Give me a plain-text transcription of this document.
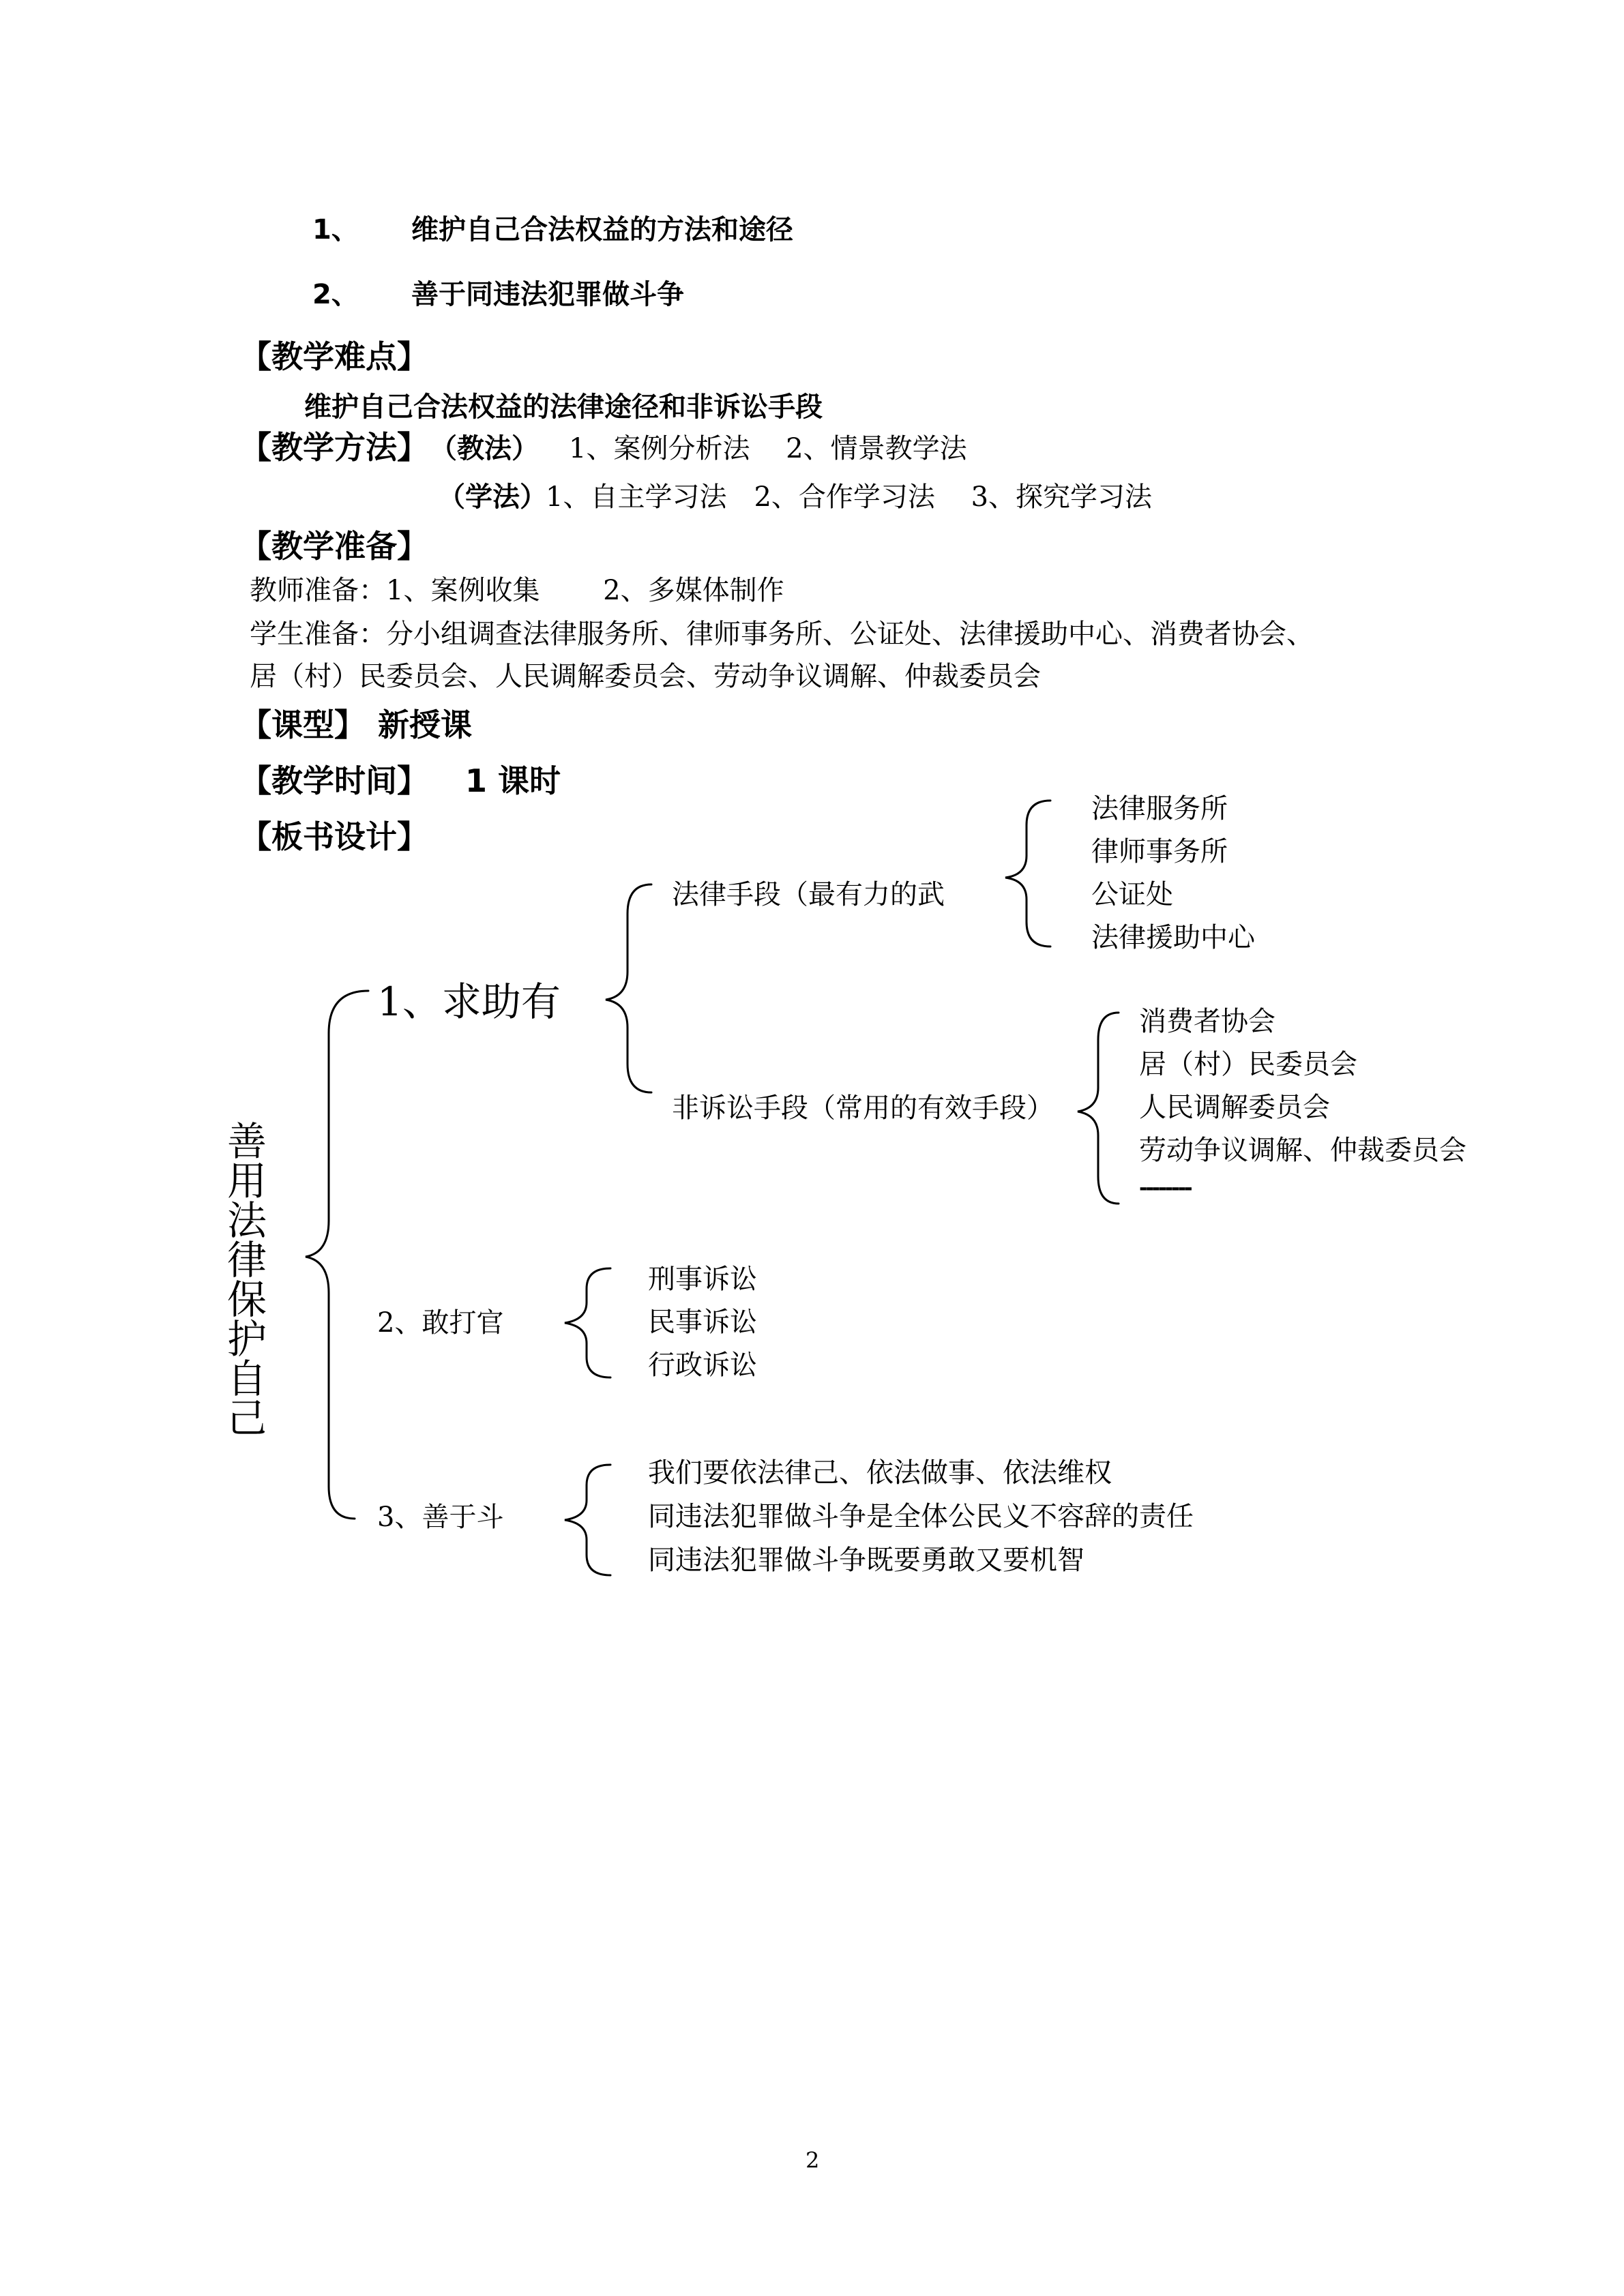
1、 维护自己合法权益的方法和途径
2、 善于同违法犯罪做斗争
【教学难点】
维护自己合法权益的法律途径和非诉讼手段
【教学方法】 （教法） 1、案例分析法　 2、情景教学法
（学法）
1、自主学习法　2、合作学习法　 3、探究学习法
【教学准备】
教师准备：1、案例收集　　 2、多媒体制作
学生准备：分小组调查法律服务所、律师事务所、公证处、法律援助中心、消费者协会、
居（村）民委员会、人民调解委员会、劳动争议调解、仲裁委员会
【课型】 新授课
【教学时间】 1 课时
【板书设计】
善用法律保护自己
1、求助有
法律手段（最有力的武
法律服务所
律师事务所
公证处
法律援助中心
非诉讼手段（常用的有效手段）
消费者协会
居（村）民委员会
人民调解委员会
劳动争议调解、仲裁委员会
--------
2、敢打官
刑事诉讼
民事诉讼
行政诉讼
3、善于斗
我们要依法律己、依法做事、依法维权
同违法犯罪做斗争是全体公民义不容辞的责任
同违法犯罪做斗争既要勇敢又要机智
2
